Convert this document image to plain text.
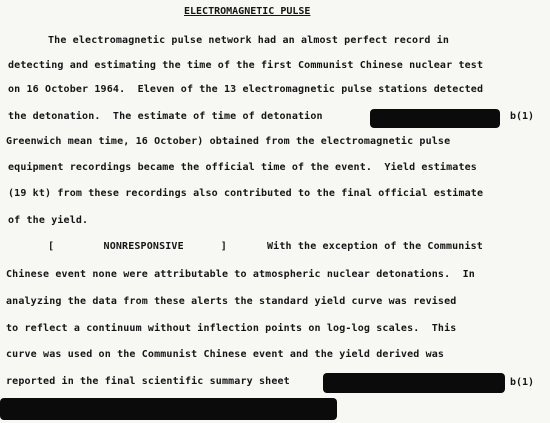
ELECTROMAGNETIC PULSE
The electromagnetic pulse network had an almost perfect record in
detecting and estimating the time of the first Communist Chinese nuclear test
on 16 October 1964.  Eleven of the 13 electromagnetic pulse stations detected
the detonation.  The estimate of time of detonation	b(1)
Greenwich mean time, 16 October) obtained from the electromagnetic pulse
equipment recordings became the official time of the event.  Yield estimates
(19 kt) from these recordings also contributed to the final official estimate
of the yield.
[        NONRESPONSIVE      ]	With the exception of the Communist
Chinese event none were attributable to atmospheric nuclear detonations.  In
analyzing the data from these alerts the standard yield curve was revised
to reflect a continuum without inflection points on log-log scales.  This
curve was used on the Communist Chinese event and the yield derived was
reported in the final scientific summary sheet	b(1)
